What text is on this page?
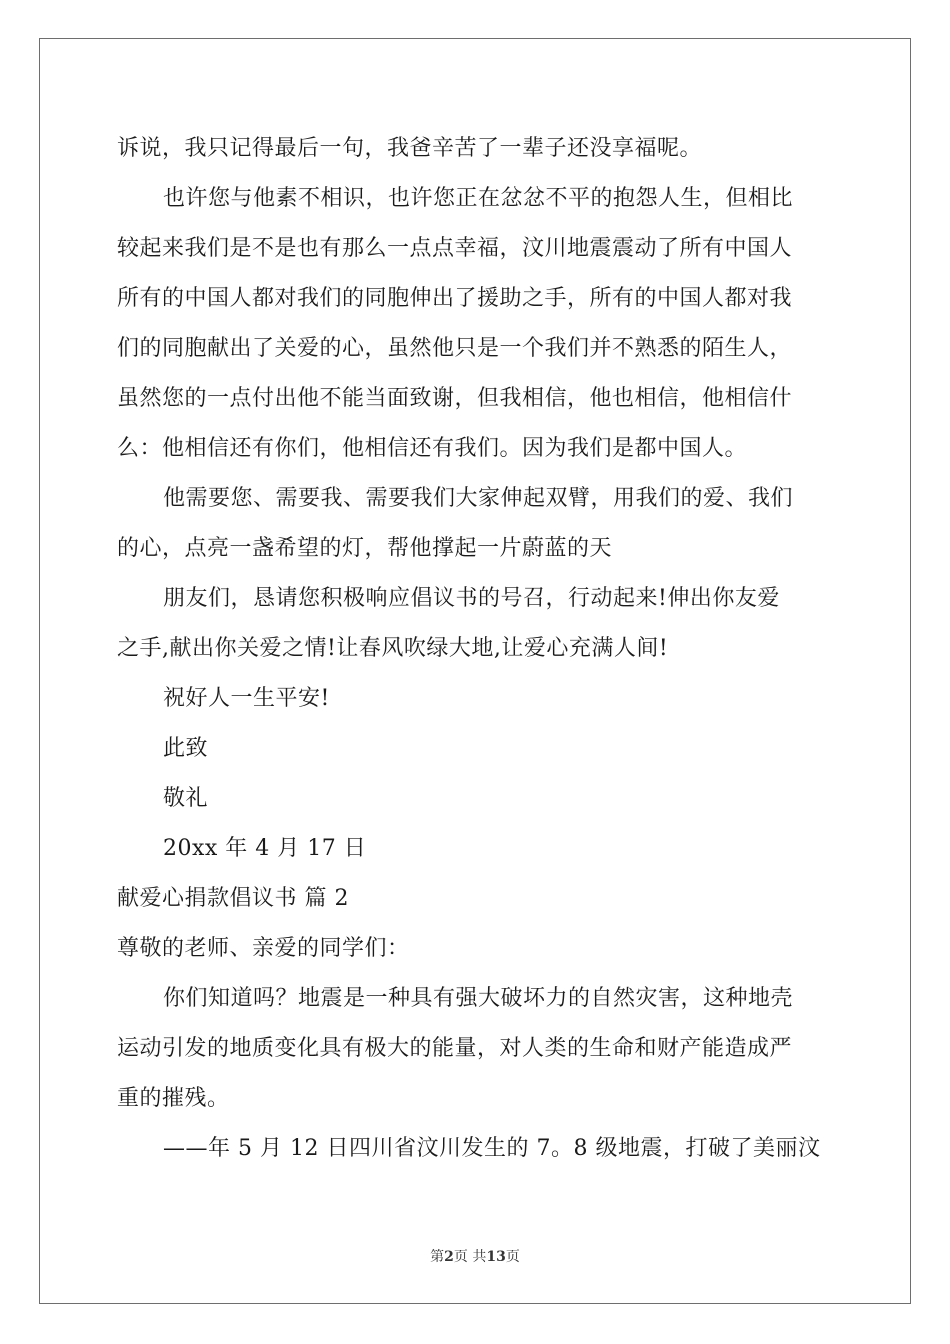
诉说，我只记得最后一句，我爸辛苦了一辈子还没享福呢。
也许您与他素不相识，也许您正在忿忿不平的抱怨人生，但相比
较起来我们是不是也有那么一点点幸福，汶川地震震动了所有中国人
所有的中国人都对我们的同胞伸出了援助之手，所有的中国人都对我
们的同胞献出了关爱的心，虽然他只是一个我们并不熟悉的陌生人，
虽然您的一点付出他不能当面致谢，但我相信，他也相信，他相信什
么：他相信还有你们，他相信还有我们。因为我们是都中国人。
他需要您、需要我、需要我们大家伸起双臂，用我们的爱、我们
的心，点亮一盏希望的灯，帮他撑起一片蔚蓝的天
朋友们，恳请您积极响应倡议书的号召，行动起来!伸出你友爱
之手,献出你关爱之情!让春风吹绿大地,让爱心充满人间!
祝好人一生平安!
此致
敬礼
20xx 年 4 月 17 日
献爱心捐款倡议书 篇 2
尊敬的老师、亲爱的同学们：
你们知道吗？地震是一种具有强大破坏力的自然灾害，这种地壳
运动引发的地质变化具有极大的能量，对人类的生命和财产能造成严
重的摧残。
——年 5 月 12 日四川省汶川发生的 7。8 级地震，打破了美丽汶
第2页 共13页
